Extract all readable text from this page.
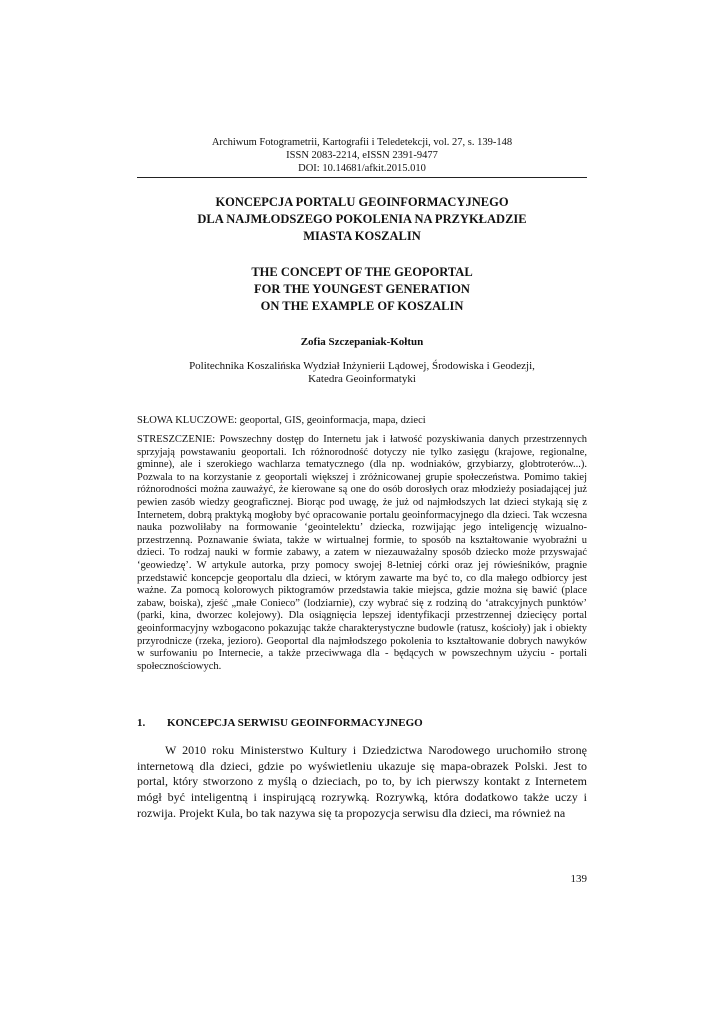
Archiwum Fotogrametrii, Kartografii i Teledetekcji, vol. 27, s. 139-148
ISSN 2083-2214, eISSN 2391-9477
DOI: 10.14681/afkit.2015.010
KONCEPCJA PORTALU GEOINFORMACYJNEGO
DLA NAJMŁODSZEGO POKOLENIA NA PRZYKŁADZIE
MIASTA KOSZALIN
THE CONCEPT OF THE GEOPORTAL
FOR THE YOUNGEST GENERATION
ON THE EXAMPLE OF KOSZALIN
Zofia Szczepaniak-Kołtun
Politechnika Koszalińska Wydział Inżynierii Lądowej, Środowiska i Geodezji,
Katedra Geoinformatyki
SŁOWA KLUCZOWE: geoportal, GIS, geoinformacja, mapa, dzieci
STRESZCZENIE: Powszechny dostęp do Internetu jak i łatwość pozyskiwania danych przestrzennych sprzyjają powstawaniu geoportali. Ich różnorodność dotyczy nie tylko zasięgu (krajowe, regionalne, gminne), ale i szerokiego wachlarza tematycznego (dla np. wodniaków, grzybiarzy, globtroterów...). Pozwala to na korzystanie z geoportali większej i zróżnicowanej grupie społeczeństwa. Pomimo takiej różnorodności można zauważyć, że kierowane są one do osób dorosłych oraz młodzieży posiadającej już pewien zasób wiedzy geograficznej. Biorąc pod uwagę, że już od najmłodszych lat dzieci stykają się z Internetem, dobrą praktyką mogłoby być opracowanie portalu geoinformacyjnego dla dzieci. Tak wczesna nauka pozwoliłaby na formowanie ‘geointelektu’ dziecka, rozwijając jego inteligencję wizualno-przestrzenną. Poznawanie świata, także w wirtualnej formie, to sposób na kształtowanie wyobraźni u dzieci. To rodzaj nauki w formie zabawy, a zatem w niezauważalny sposób dziecko może przyswajać ‘geowiedzę’. W artykule autorka, przy pomocy swojej 8-letniej córki oraz jej rówieśników, pragnie przedstawić koncepcje geoportalu dla dzieci, w którym zawarte ma być to, co dla małego odbiorcy jest ważne. Za pomocą kolorowych piktogramów przedstawia takie miejsca, gdzie można się bawić (place zabaw, boiska), zjeść „małe Conieco” (lodziarnie), czy wybrać się z rodziną do ‘atrakcyjnych punktów’ (parki, kina, dworzec kolejowy). Dla osiągnięcia lepszej identyfikacji przestrzennej dziecięcy portal geoinformacyjny wzbogacono pokazując także charakterystyczne budowle (ratusz, kościoły) jak i obiekty przyrodnicze (rzeka, jezioro). Geoportal dla najmłodszego pokolenia to kształtowanie dobrych nawyków w surfowaniu po Internecie, a także przeciwwaga dla - będących w powszechnym użyciu - portali społecznościowych.
1. KONCEPCJA SERWISU GEOINFORMACYJNEGO
W 2010 roku Ministerstwo Kultury i Dziedzictwa Narodowego uruchomiło stronę internetową dla dzieci, gdzie po wyświetleniu ukazuje się mapa-obrazek Polski. Jest to portal, który stworzono z myślą o dzieciach, po to, by ich pierwszy kontakt z Internetem mógł być inteligentną i inspirującą rozrywką. Rozrywką, która dodatkowo także uczy i rozwija. Projekt Kula, bo tak nazywa się ta propozycja serwisu dla dzieci, ma również na
139
